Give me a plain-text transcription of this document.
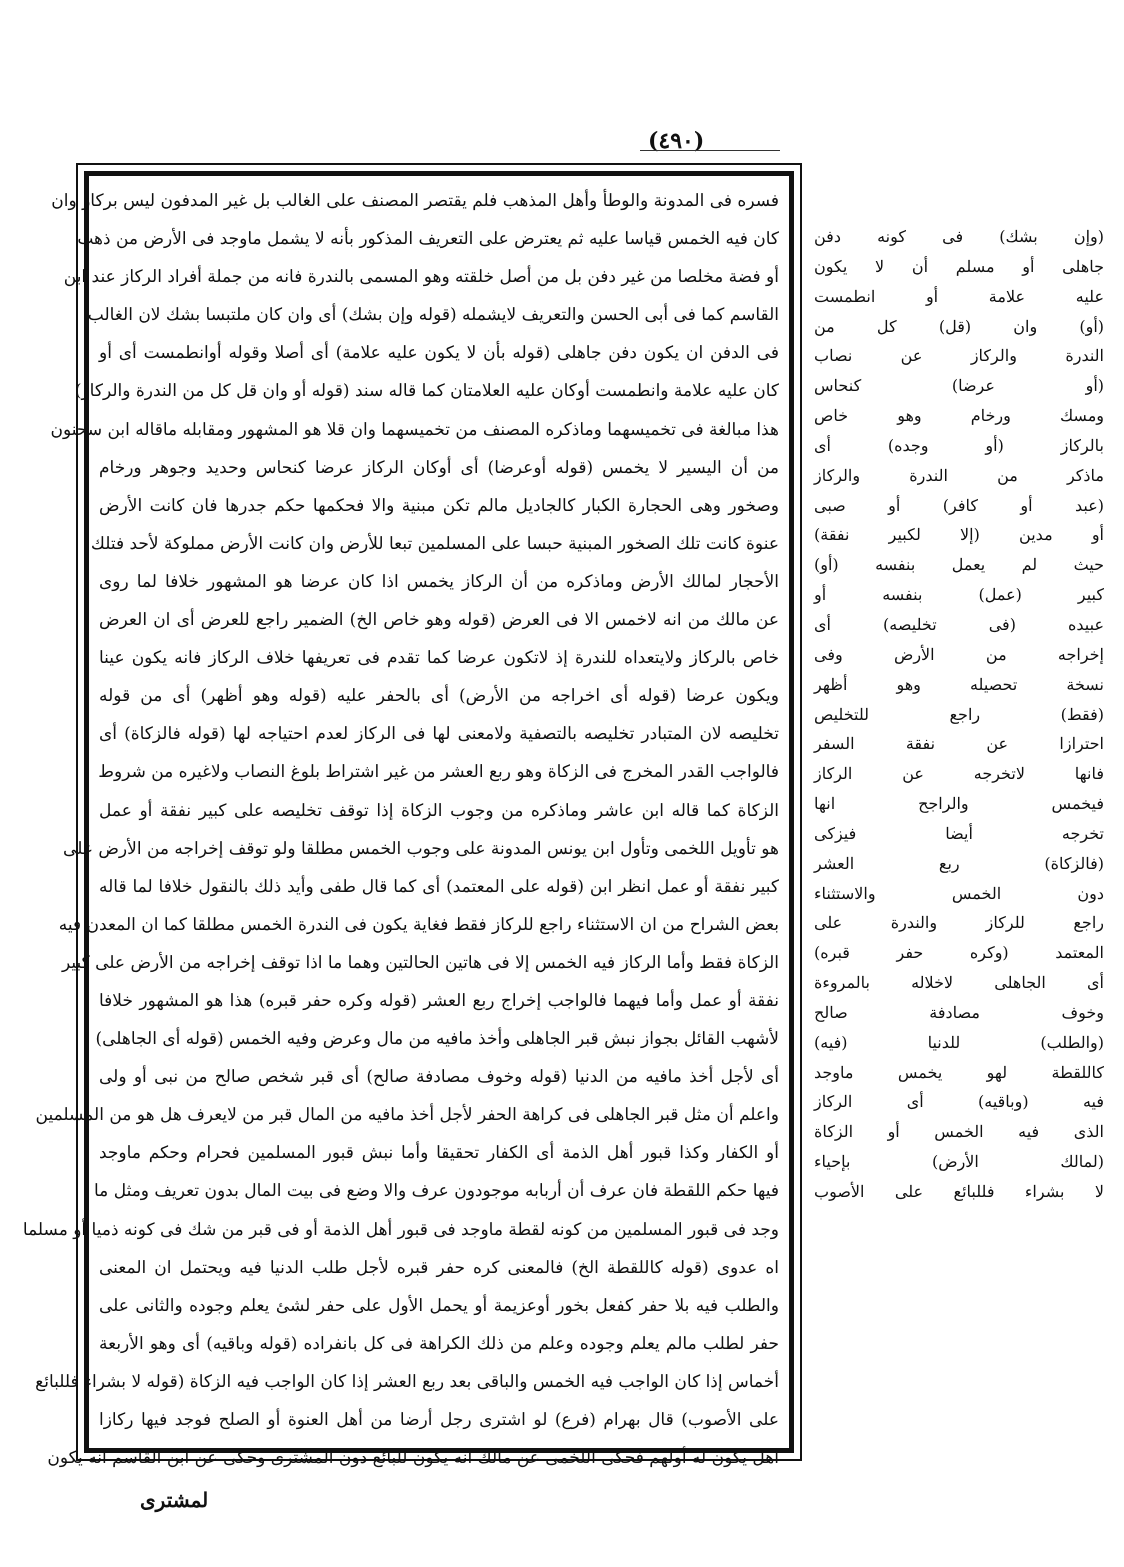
(٤٩٠)
فسره فى المدونة والوطأ وأهل المذهب فلم يقتصر المصنف على الغالب بل غير المدفون ليس بركاز وان
كان فيه الخمس قياسا عليه ثم يعترض على التعريف المذكور بأنه لا يشمل ماوجد فى الأرض من ذهب
أو فضة مخلصا من غير دفن بل من أصل خلقته وهو المسمى بالندرة فانه من جملة أفراد الركاز عند ابن
القاسم كما فى أبى الحسن والتعريف لايشمله (قوله وإن بشك) أى وان كان ملتبسا بشك لان الغالب
فى الدفن ان يكون دفن جاهلى (قوله بأن لا يكون عليه علامة) أى أصلا وقوله أوانطمست أى أو
كان عليه علامة وانطمست أوكان عليه العلامتان كما قاله سند (قوله أو وان قل كل من الندرة والركاز)
هذا مبالغة فى تخميسهما وماذكره المصنف من تخميسهما وان قلا هو المشهور ومقابله ماقاله ابن سحنون
من أن اليسير لا يخمس (قوله أوعرضا) أى أوكان الركاز عرضا كنحاس وحديد وجوهر ورخام
وصخور وهى الحجارة الكبار كالجاديل مالم تكن مبنية والا فحكمها حكم جدرها فان كانت الأرض
عنوة كانت تلك الصخور المبنية حبسا على المسلمين تبعا للأرض وان كانت الأرض مملوكة لأحد فتلك
الأحجار لمالك الأرض وماذكره من أن الركاز يخمس اذا كان عرضا هو المشهور خلافا لما روى
عن مالك من انه لاخمس الا فى العرض (قوله وهو خاص الخ) الضمير راجع للعرض أى ان العرض
خاص بالركاز ولايتعداه للندرة إذ لاتكون عرضا كما تقدم فى تعريفها خلاف الركاز فانه يكون عينا
ويكون عرضا (قوله أى اخراجه من الأرض) أى بالحفر عليه (قوله وهو أظهر) أى من قوله
تخليصه لان المتبادر تخليصه بالتصفية ولامعنى لها فى الركاز لعدم احتياجه لها (قوله فالزكاة) أى
فالواجب القدر المخرج فى الزكاة وهو ربع العشر من غير اشتراط بلوغ النصاب ولاغيره من شروط
الزكاة كما قاله ابن عاشر وماذكره من وجوب الزكاة إذا توقف تخليصه على كبير نفقة أو عمل
هو تأويل اللخمى وتأول ابن يونس المدونة على وجوب الخمس مطلقا ولو توقف إخراجه من الأرض على
كبير نفقة أو عمل انظر ابن (قوله على المعتمد) أى كما قال طفى وأيد ذلك بالنقول خلافا لما قاله
بعض الشراح من ان الاستثناء راجع للركاز فقط فغاية يكون فى الندرة الخمس مطلقا كما ان المعدن فيه
الزكاة فقط وأما الركاز فيه الخمس إلا فى هاتين الحالتين وهما ما اذا توقف إخراجه من الأرض على كبير
نفقة أو عمل وأما فيهما فالواجب إخراج ربع العشر (قوله وكره حفر قبره) هذا هو المشهور خلافا
لأشهب القائل بجواز نبش قبر الجاهلى وأخذ مافيه من مال وعرض وفيه الخمس (قوله أى الجاهلى)
أى لأجل أخذ مافيه من الدنيا (قوله وخوف مصادفة صالح) أى قبر شخص صالح من نبى أو ولى
واعلم أن مثل قبر الجاهلى فى كراهة الحفر لأجل أخذ مافيه من المال قبر من لايعرف هل هو من المسلمين
أو الكفار وكذا قبور أهل الذمة أى الكفار تحقيقا وأما نبش قبور المسلمين فحرام وحكم ماوجد
فيها حكم اللقطة فان عرف أن أربابه موجودون عرف والا وضع فى بيت المال بدون تعريف ومثل ما
وجد فى قبور المسلمين من كونه لقطة ماوجد فى قبور أهل الذمة أو فى قبر من شك فى كونه ذميا أو مسلما
اه عدوى (قوله كاللقطة الخ) فالمعنى كره حفر قبره لأجل طلب الدنيا فيه ويحتمل ان المعنى
والطلب فيه بلا حفر كفعل بخور أوعزيمة أو يحمل الأول على حفر لشئ يعلم وجوده والثانى على
حفر لطلب مالم يعلم وجوده وعلم من ذلك الكراهة فى كل بانفراده (قوله وباقيه) أى وهو الأربعة
أخماس إذا كان الواجب فيه الخمس والباقى بعد ربع العشر إذا كان الواجب فيه الزكاة (قوله لا بشراء فللبائع
على الأصوب) قال بهرام (فرع) لو اشترى رجل أرضا من أهل العنوة أو الصلح فوجد فيها ركازا
اهل يكون له أولهم فحكى اللخمى عن مالك انه يكون للبائع دون المشترى وحكى عن ابن القاسم انه يكون
(وإن بشك) فى كونه دفن
جاهلى أو مسلم أن لا يكون
عليه علامة أو انطمست
(أو) وان (قل) كل من
الندرة والركاز عن نصاب
(أو عرضا) كنحاس
ومسك ورخام وهو خاص
بالركاز (أو وجده) أى
ماذكر من الندرة والركاز
(عبد أو كافر) أو صبى
أو مدين (إلا لكبير نفقة)
حيث لم يعمل بنفسه (أو)
كبير (عمل) بنفسه أو
عبيده (فى تخليصه) أى
إخراجه من الأرض وفى
نسخة تحصيله وهو أظهر
(فقط) راجع للتخليص
احترازا عن نفقة السفر
فانها لاتخرجه عن الركاز
فيخمس والراجح انها
تخرجه أيضا فيزكى
(فالزكاة) ربع العشر
دون الخمس والاستثناء
راجع للركاز والندرة على
المعتمد (وكره حفر قبره)
أى الجاهلى لاخلاله بالمروءة
وخوف مصادفة صالح
(والطلب) للدنيا (فيه)
كاللقطة لهو يخمس ماوجد
فيه (وباقيه) أى الركاز
الذى فيه الخمس أو الزكاة
(لمالك الأرض) بإحياء
لا بشراء فللبائع على الأصوب
لمشترى
